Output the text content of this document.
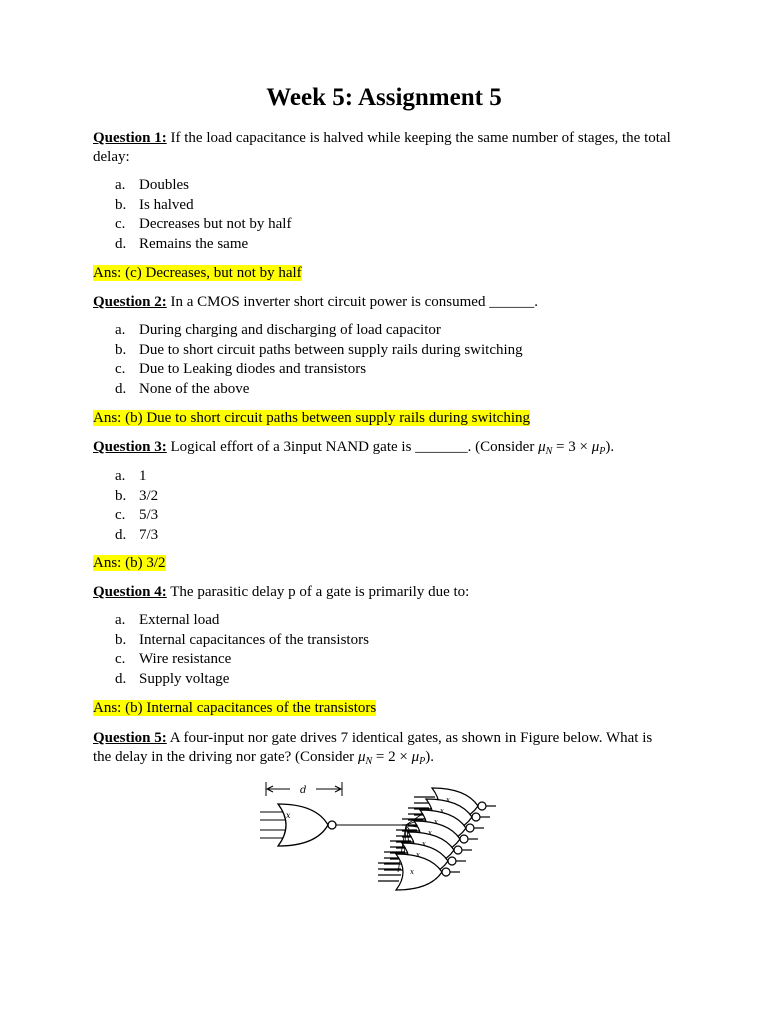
Week 5: Assignment 5
Question 1: If the load capacitance is halved while keeping the same number of stages, the total delay:
a. Doubles
b. Is halved
c. Decreases but not by half
d. Remains the same
Ans: (c) Decreases, but not by half
Question 2: In a CMOS inverter short circuit power is consumed ______.
a. During charging and discharging of load capacitor
b. Due to short circuit paths between supply rails during switching
c. Due to Leaking diodes and transistors
d. None of the above
Ans: (b) Due to short circuit paths between supply rails during switching
Question 3: Logical effort of a 3input NAND gate is _______. (Consider $\mu_N = 3 \times \mu_P$).
a. 1
b. 3/2
c. 5/3
d. 7/3
Ans: (b) 3/2
Question 4: The parasitic delay p of a gate is primarily due to:
a. External load
b. Internal capacitances of the transistors
c. Wire resistance
d. Supply voltage
Ans: (b) Internal capacitances of the transistors
Question 5: A four-input nor gate drives 7 identical gates, as shown in Figure below. What is the delay in the driving nor gate? (Consider $\mu_N = 2 \times \mu_P$).
d
x
x
x
x
x
x
x
x
